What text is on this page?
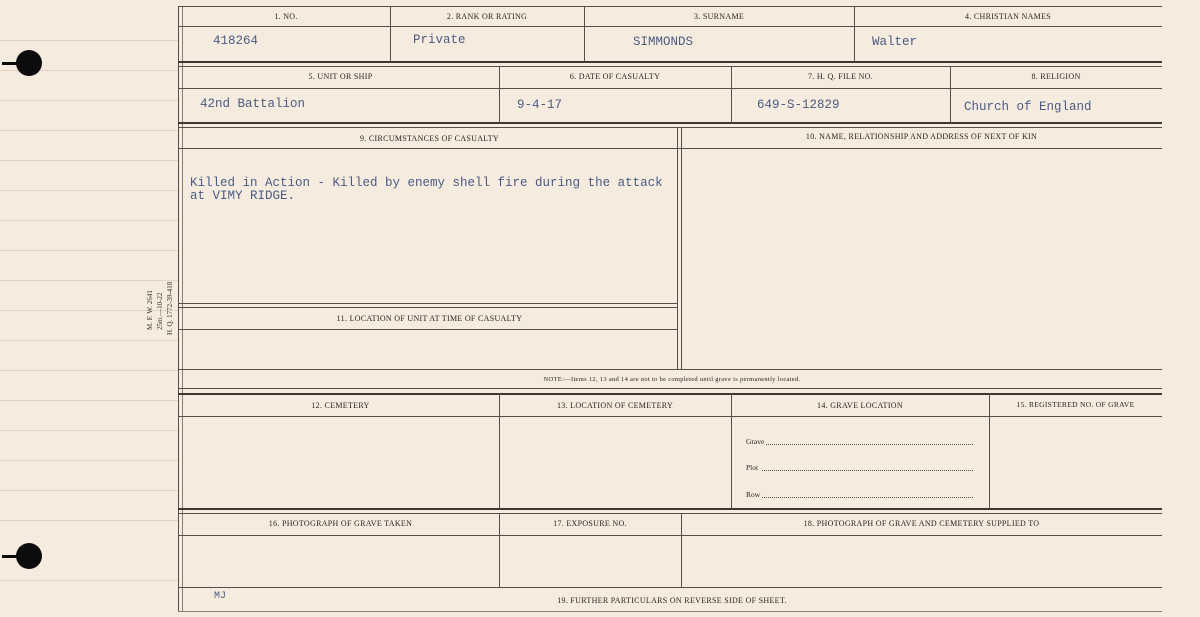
M. F. W. 2641 25m.—10-22 H. Q. 1772-39-418
1. NO.	2. RANK OR RATING	3. SURNAME	4. CHRISTIAN NAMES
418264	Private	SIMMONDS	Walter
5. UNIT OR SHIP	6. DATE OF CASUALTY	7. H. Q. FILE NO.	8. RELIGION
42nd Battalion	9-4-17	649-S-12829	Church of England
9. CIRCUMSTANCES OF CASUALTY	10. NAME, RELATIONSHIP AND ADDRESS OF NEXT OF KIN
Killed in Action - Killed by enemy shell fire during the attack
at VIMY RIDGE.
11. LOCATION OF UNIT AT TIME OF CASUALTY
NOTE:—Items 12, 13 and 14 are not to be completed until grave is permanently located.
12. CEMETERY	13. LOCATION OF CEMETERY	14. GRAVE LOCATION	15. REGISTERED NO. OF GRAVE
Grave
Plot
Row
16. PHOTOGRAPH OF GRAVE TAKEN	17. EXPOSURE NO.	18. PHOTOGRAPH OF GRAVE AND CEMETERY SUPPLIED TO
MJ	19. FURTHER PARTICULARS ON REVERSE SIDE OF SHEET.
